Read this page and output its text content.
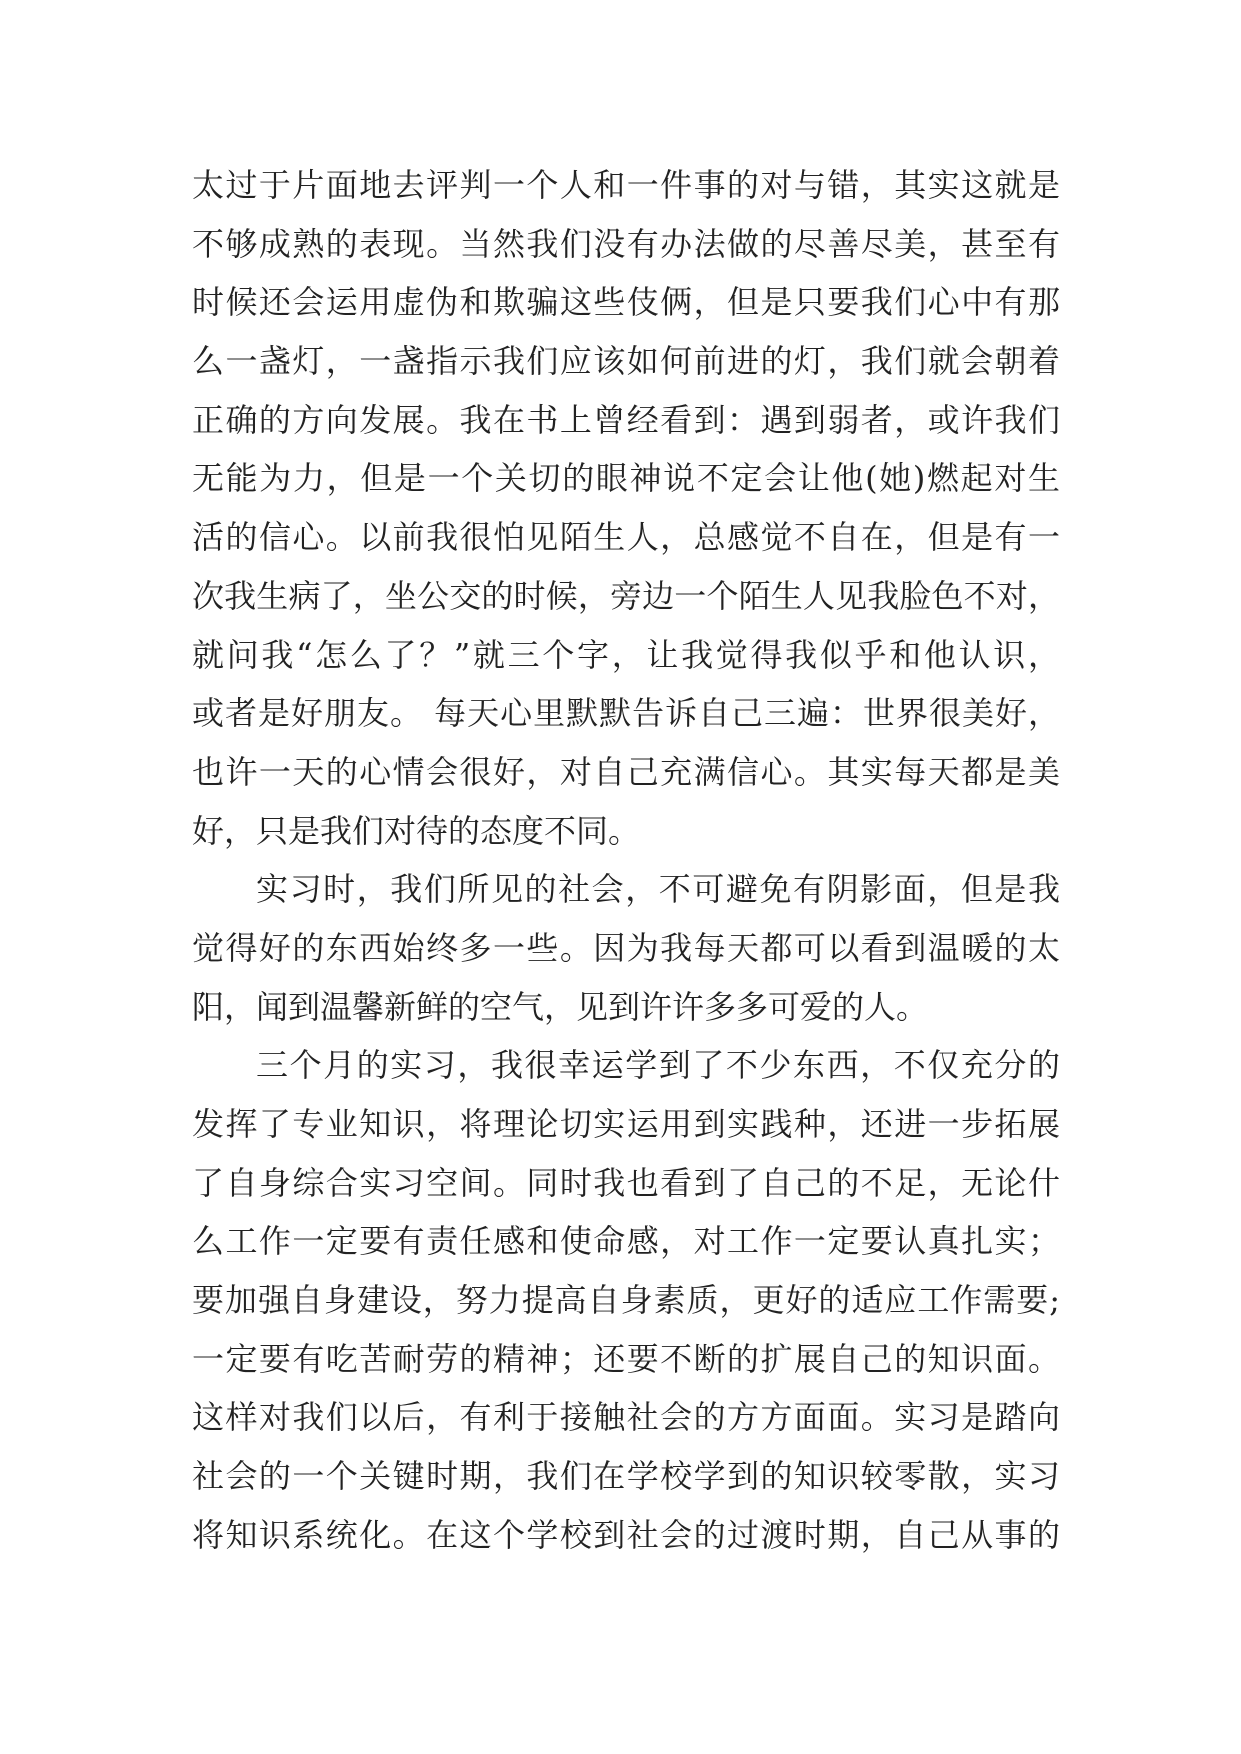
太过于片面地去评判一个人和一件事的对与错，其实这就是
不够成熟的表现。当然我们没有办法做的尽善尽美，甚至有
时候还会运用虚伪和欺骗这些伎俩，但是只要我们心中有那
么一盏灯，一盏指示我们应该如何前进的灯，我们就会朝着
正确的方向发展。我在书上曾经看到：遇到弱者，或许我们
无能为力，但是一个关切的眼神说不定会让他(她)燃起对生
活的信心。以前我很怕见陌生人，总感觉不自在，但是有一
次我生病了，坐公交的时候，旁边一个陌生人见我脸色不对，
就问我“怎么了？”就三个字，让我觉得我似乎和他认识，
或者是好朋友。 每天心里默默告诉自己三遍：世界很美好，
也许一天的心情会很好，对自己充满信心。其实每天都是美
好，只是我们对待的态度不同。
实习时，我们所见的社会，不可避免有阴影面，但是我
觉得好的东西始终多一些。因为我每天都可以看到温暖的太
阳，闻到温馨新鲜的空气，见到许许多多可爱的人。
三个月的实习，我很幸运学到了不少东西，不仅充分的
发挥了专业知识，将理论切实运用到实践种，还进一步拓展
了自身综合实习空间。同时我也看到了自己的不足，无论什
么工作一定要有责任感和使命感，对工作一定要认真扎实；
要加强自身建设，努力提高自身素质，更好的适应工作需要;
一定要有吃苦耐劳的精神；还要不断的扩展自己的知识面。
这样对我们以后，有利于接触社会的方方面面。实习是踏向
社会的一个关键时期，我们在学校学到的知识较零散，实习
将知识系统化。在这个学校到社会的过渡时期，自己从事的
